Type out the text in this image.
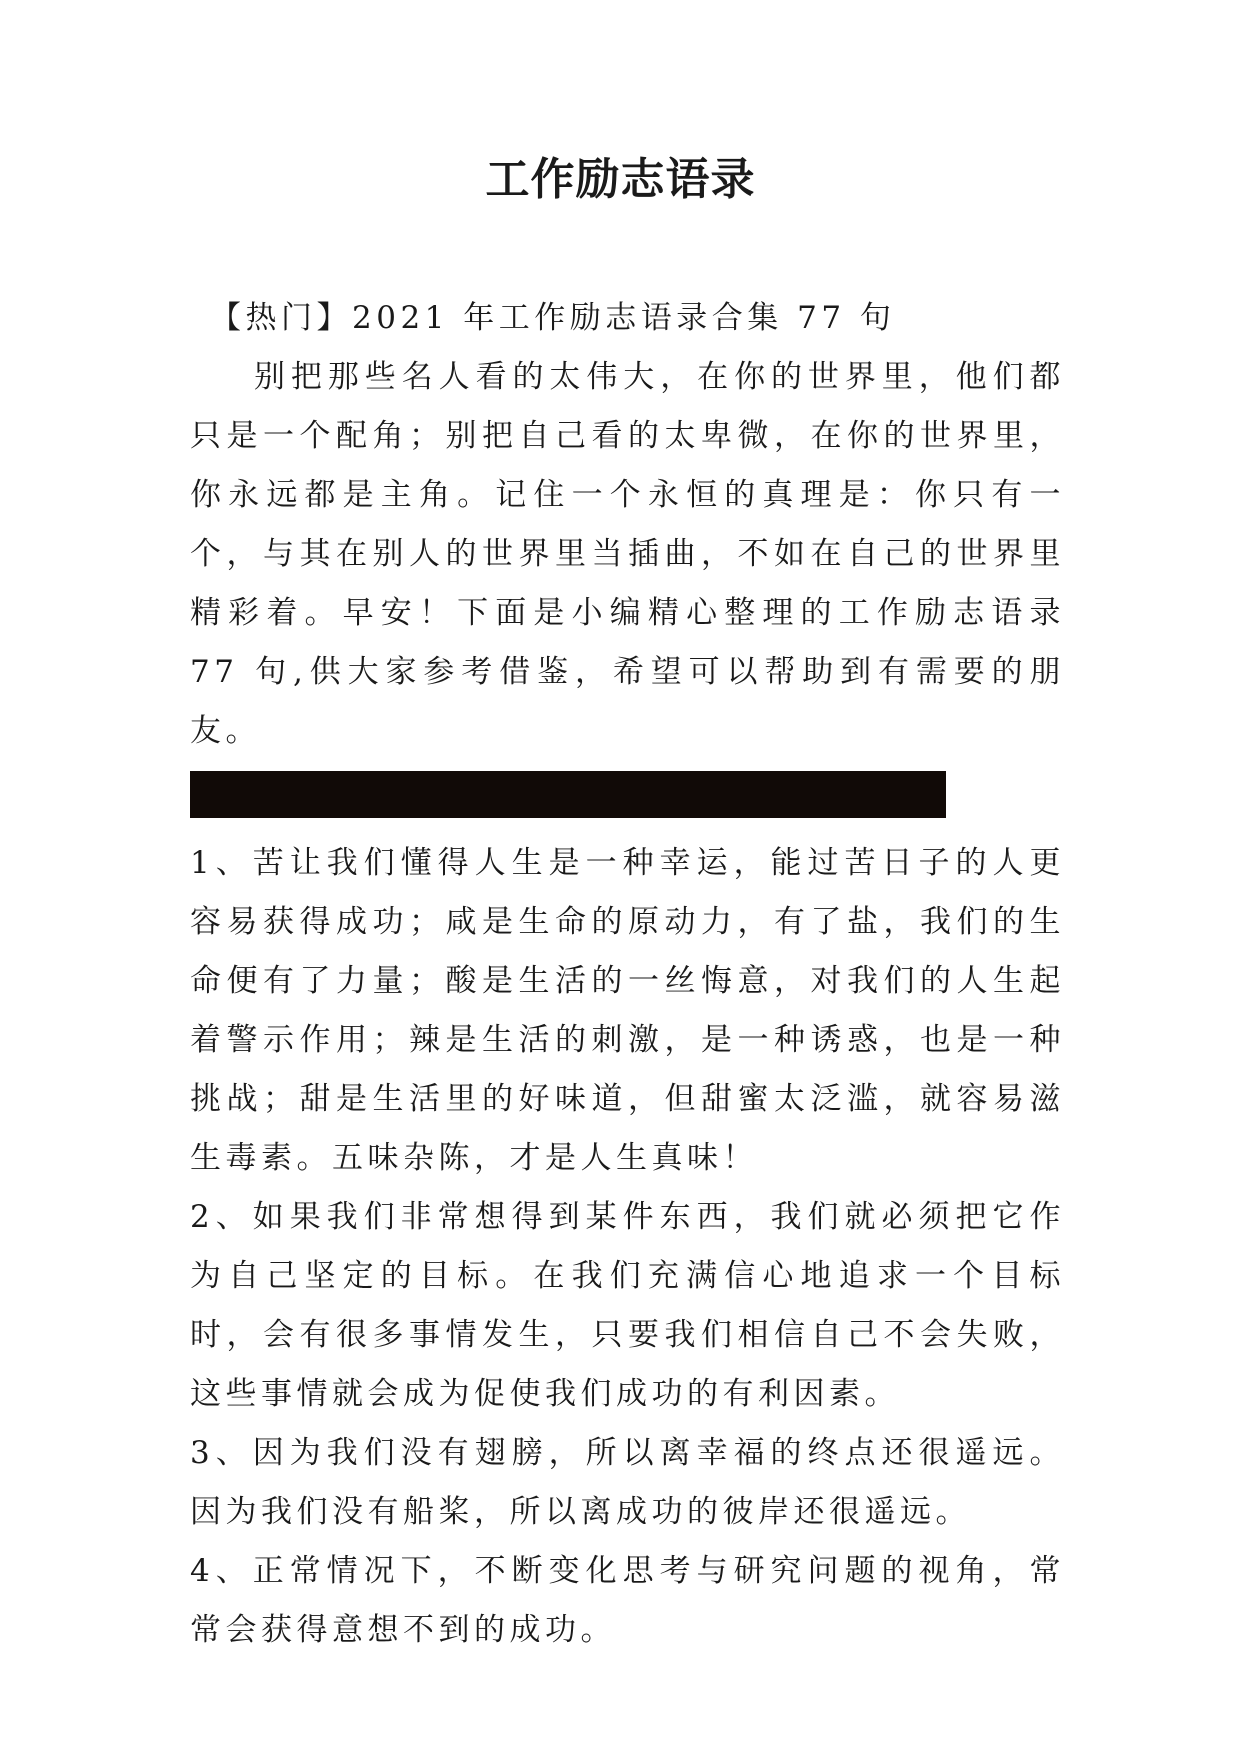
工作励志语录

【热门】2021 年工作励志语录合集 77 句

别把那些名人看的太伟大，在你的世界里，他们都只是一个配角；别把自己看的太卑微，在你的世界里，你永远都是主角。记住一个永恒的真理是：你只有一个，与其在别人的世界里当插曲，不如在自己的世界里精彩着。早安！下面是小编精心整理的工作励志语录 77 句,供大家参考借鉴，希望可以帮助到有需要的朋友。

1、苦让我们懂得人生是一种幸运，能过苦日子的人更容易获得成功；咸是生命的原动力，有了盐，我们的生命便有了力量；酸是生活的一丝悔意，对我们的人生起着警示作用；辣是生活的刺激，是一种诱惑，也是一种挑战；甜是生活里的好味道，但甜蜜太泛滥，就容易滋生毒素。五味杂陈，才是人生真味！

2、如果我们非常想得到某件东西，我们就必须把它作为自己坚定的目标。在我们充满信心地追求一个目标时，会有很多事情发生，只要我们相信自己不会失败，这些事情就会成为促使我们成功的有利因素。

3、因为我们没有翅膀，所以离幸福的终点还很遥远。因为我们没有船桨，所以离成功的彼岸还很遥远。

4、正常情况下，不断变化思考与研究问题的视角，常常会获得意想不到的成功。
